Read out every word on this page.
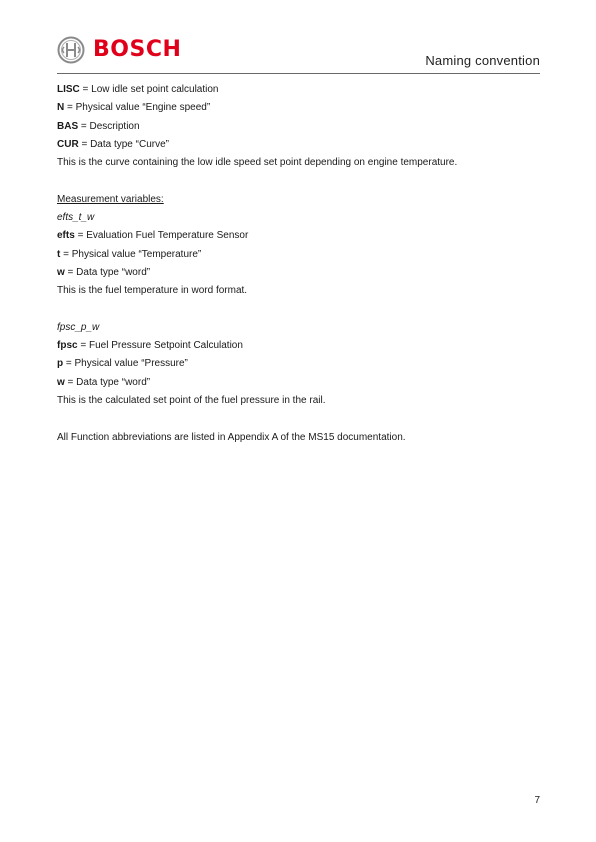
BOSCH	Naming convention
LISC = Low idle set point calculation
N = Physical value “Engine speed”
BAS = Description
CUR = Data type “Curve”
This is the curve containing the low idle speed set point depending on engine temperature.
Measurement variables:
efts_t_w
efts = Evaluation Fuel Temperature Sensor
t = Physical value “Temperature”
w = Data type “word”
This is the fuel temperature in word format.
fpsc_p_w
fpsc = Fuel Pressure Setpoint Calculation
p = Physical value “Pressure”
w = Data type “word”
This is the calculated set point of the fuel pressure in the rail.
All Function abbreviations are listed in Appendix A of the MS15 documentation.
7
